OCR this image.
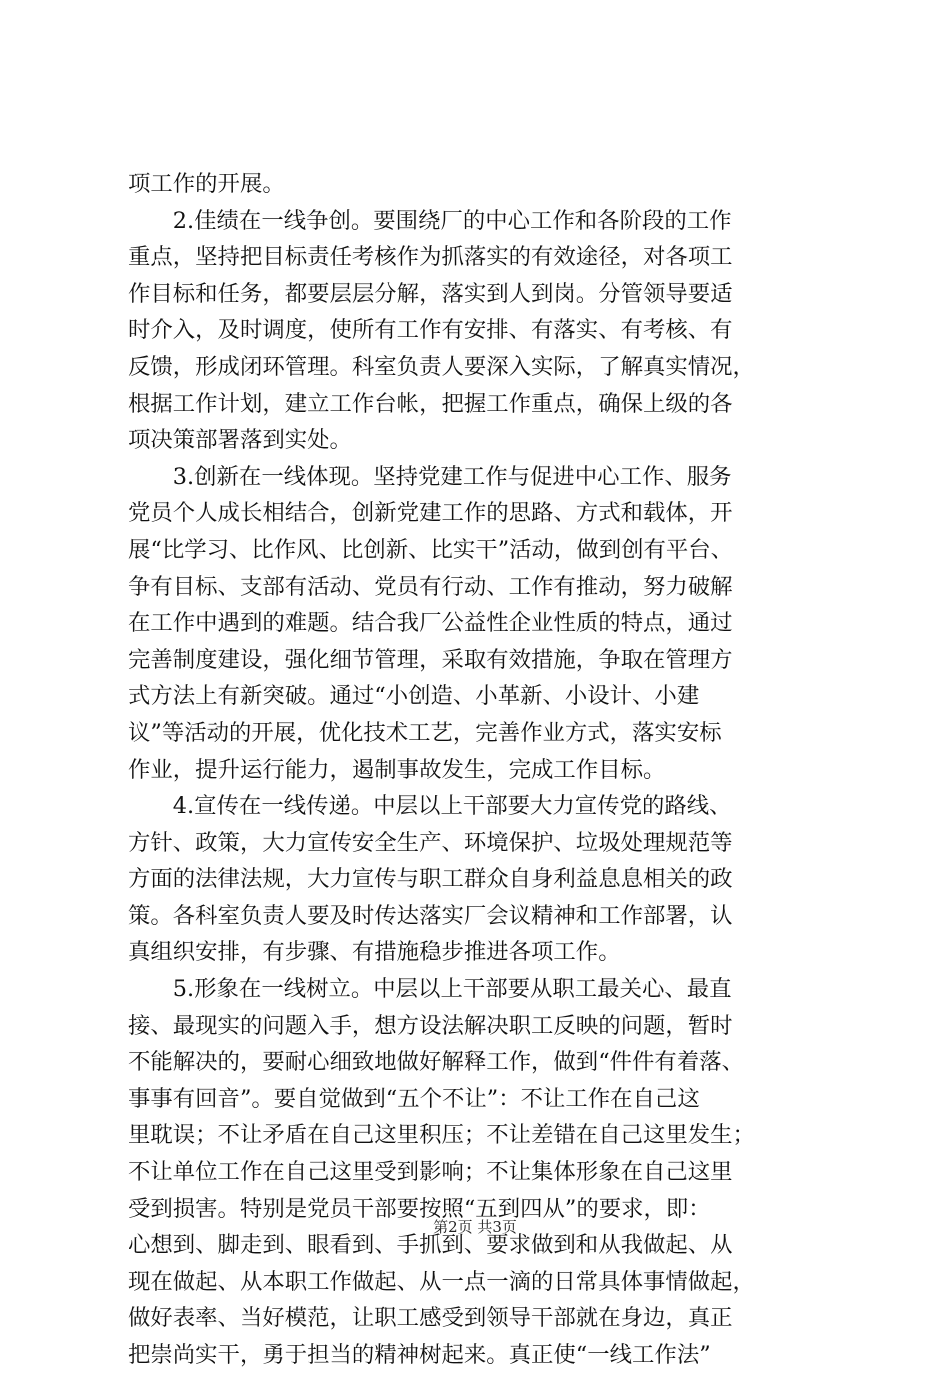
项工作的开展。
　　2.佳绩在一线争创。要围绕厂的中心工作和各阶段的工作
重点，坚持把目标责任考核作为抓落实的有效途径，对各项工
作目标和任务，都要层层分解，落实到人到岗。分管领导要适
时介入，及时调度，使所有工作有安排、有落实、有考核、有
反馈，形成闭环管理。科室负责人要深入实际，了解真实情况，
根据工作计划，建立工作台帐，把握工作重点，确保上级的各
项决策部署落到实处。
　　3.创新在一线体现。坚持党建工作与促进中心工作、服务
党员个人成长相结合，创新党建工作的思路、方式和载体，开
展“比学习、比作风、比创新、比实干”活动，做到创有平台、
争有目标、支部有活动、党员有行动、工作有推动，努力破解
在工作中遇到的难题。结合我厂公益性企业性质的特点，通过
完善制度建设，强化细节管理，采取有效措施，争取在管理方
式方法上有新突破。通过“小创造、小革新、小设计、小建
议”等活动的开展，优化技术工艺，完善作业方式，落实安标
作业，提升运行能力，遏制事故发生，完成工作目标。
　　4.宣传在一线传递。中层以上干部要大力宣传党的路线、
方针、政策，大力宣传安全生产、环境保护、垃圾处理规范等
方面的法律法规，大力宣传与职工群众自身利益息息相关的政
策。各科室负责人要及时传达落实厂会议精神和工作部署，认
真组织安排，有步骤、有措施稳步推进各项工作。
　　5.形象在一线树立。中层以上干部要从职工最关心、最直
接、最现实的问题入手，想方设法解决职工反映的问题，暂时
不能解决的，要耐心细致地做好解释工作，做到“件件有着落、
事事有回音”。要自觉做到“五个不让”：不让工作在自己这
里耽误；不让矛盾在自己这里积压；不让差错在自己这里发生；
不让单位工作在自己这里受到影响；不让集体形象在自己这里
受到损害。特别是党员干部要按照“五到四从”的要求，即：
心想到、脚走到、眼看到、手抓到、要求做到和从我做起、从
现在做起、从本职工作做起、从一点一滴的日常具体事情做起，
做好表率、当好模范，让职工感受到领导干部就在身边，真正
把崇尚实干，勇于担当的精神树起来。真正使“一线工作法”
第2页 共3页
